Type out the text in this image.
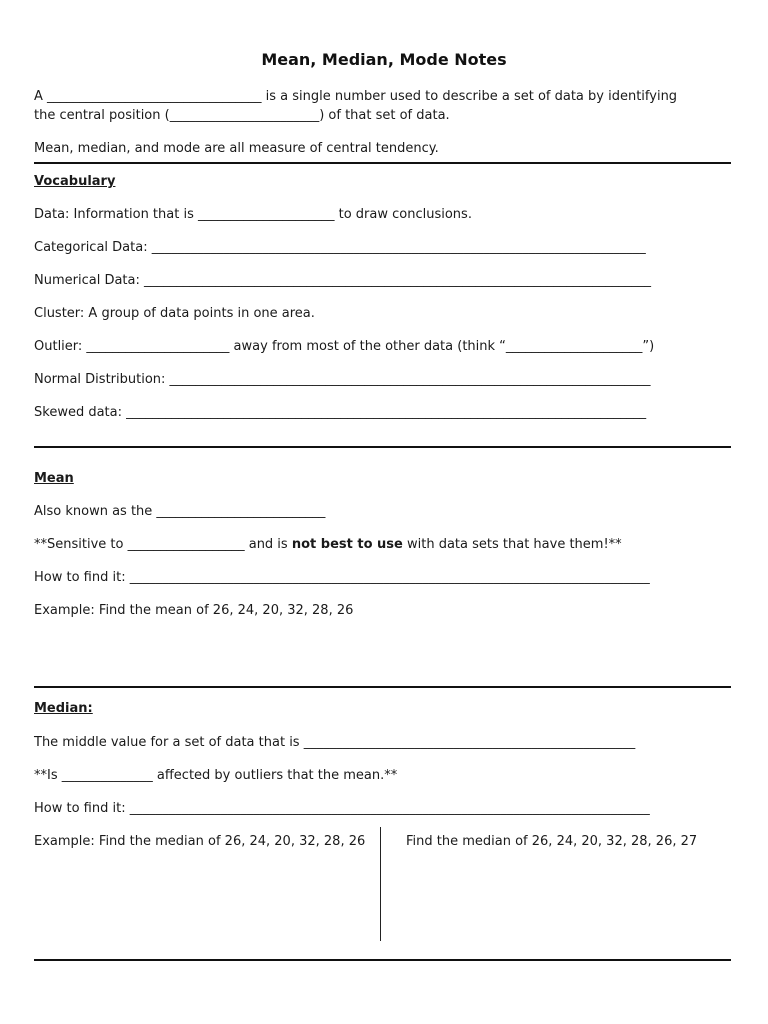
Mean, Median, Mode Notes
A _________________________________ is a single number used to describe a set of data by identifying
the central position (_______________________) of that set of data.
Mean, median, and mode are all measure of central tendency.
Vocabulary
Data: Information that is _____________________ to draw conclusions.
Categorical Data: ____________________________________________________________________________
Numerical Data: ______________________________________________________________________________
Cluster: A group of data points in one area.
Outlier: ______________________ away from most of the other data (think “_____________________”)
Normal Distribution: __________________________________________________________________________
Skewed data: ________________________________________________________________________________
Mean
Also known as the __________________________
**Sensitive to __________________ and is not best to use with data sets that have them!**
How to find it: ________________________________________________________________________________
Example: Find the mean of 26, 24, 20, 32, 28, 26
Median:
The middle value for a set of data that is ___________________________________________________
**Is ______________ affected by outliers that the mean.**
How to find it: ________________________________________________________________________________
Example: Find the median of 26, 24, 20, 32, 28, 26	Find the median of 26, 24, 20, 32, 28, 26, 27
